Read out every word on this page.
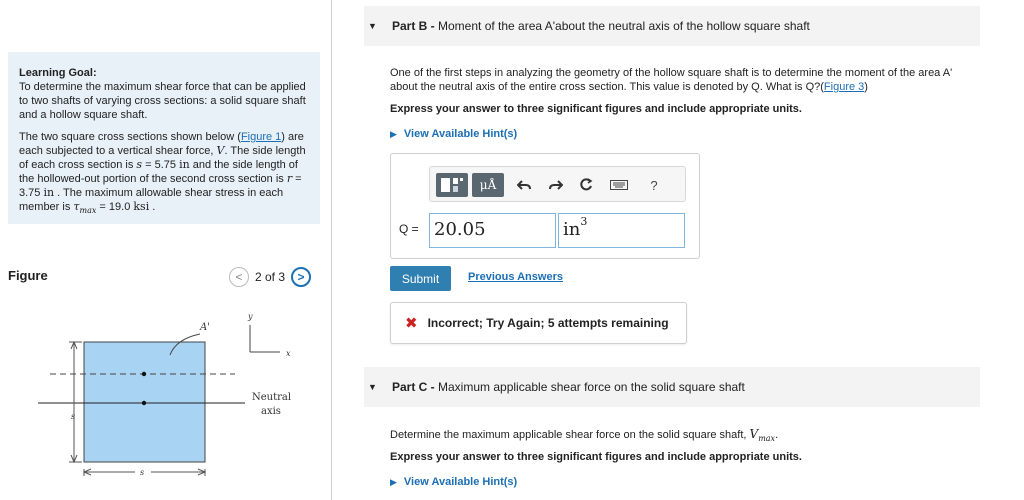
Learning Goal:
To determine the maximum shear force that can be applied to two shafts of varying cross sections: a solid square shaft and a hollow square shaft.

The two square cross sections shown below (Figure 1) are each subjected to a vertical shear force, V. The side length of each cross section is s = 5.75 in and the side length of the hollowed-out portion of the second cross section is r = 3.75 in . The maximum allowable shear stress in each member is $\tau_{max} = 19.0$ ksi .

Figure	<	2 of 3	>
A'
s
s
y
x
Neutral
axis
▼ Part B - Moment of the area A'about the neutral axis of the hollow square shaft
One of the first steps in analyzing the geometry of the hollow square shaft is to determine the moment of the area A'
about the neutral axis of the entire cross section. This value is denoted by Q. What is Q?(Figure 3)
Express your answer to three significant figures and include appropriate units.
▶ View Available Hint(s)
μÅ	?
Q = 20.05	$in^3$
Submit	Previous Answers
✖ Incorrect; Try Again; 5 attempts remaining
▼ Part C - Maximum applicable shear force on the solid square shaft
Determine the maximum applicable shear force on the solid square shaft, $V_{max}$.
Express your answer to three significant figures and include appropriate units.
▶ View Available Hint(s)
